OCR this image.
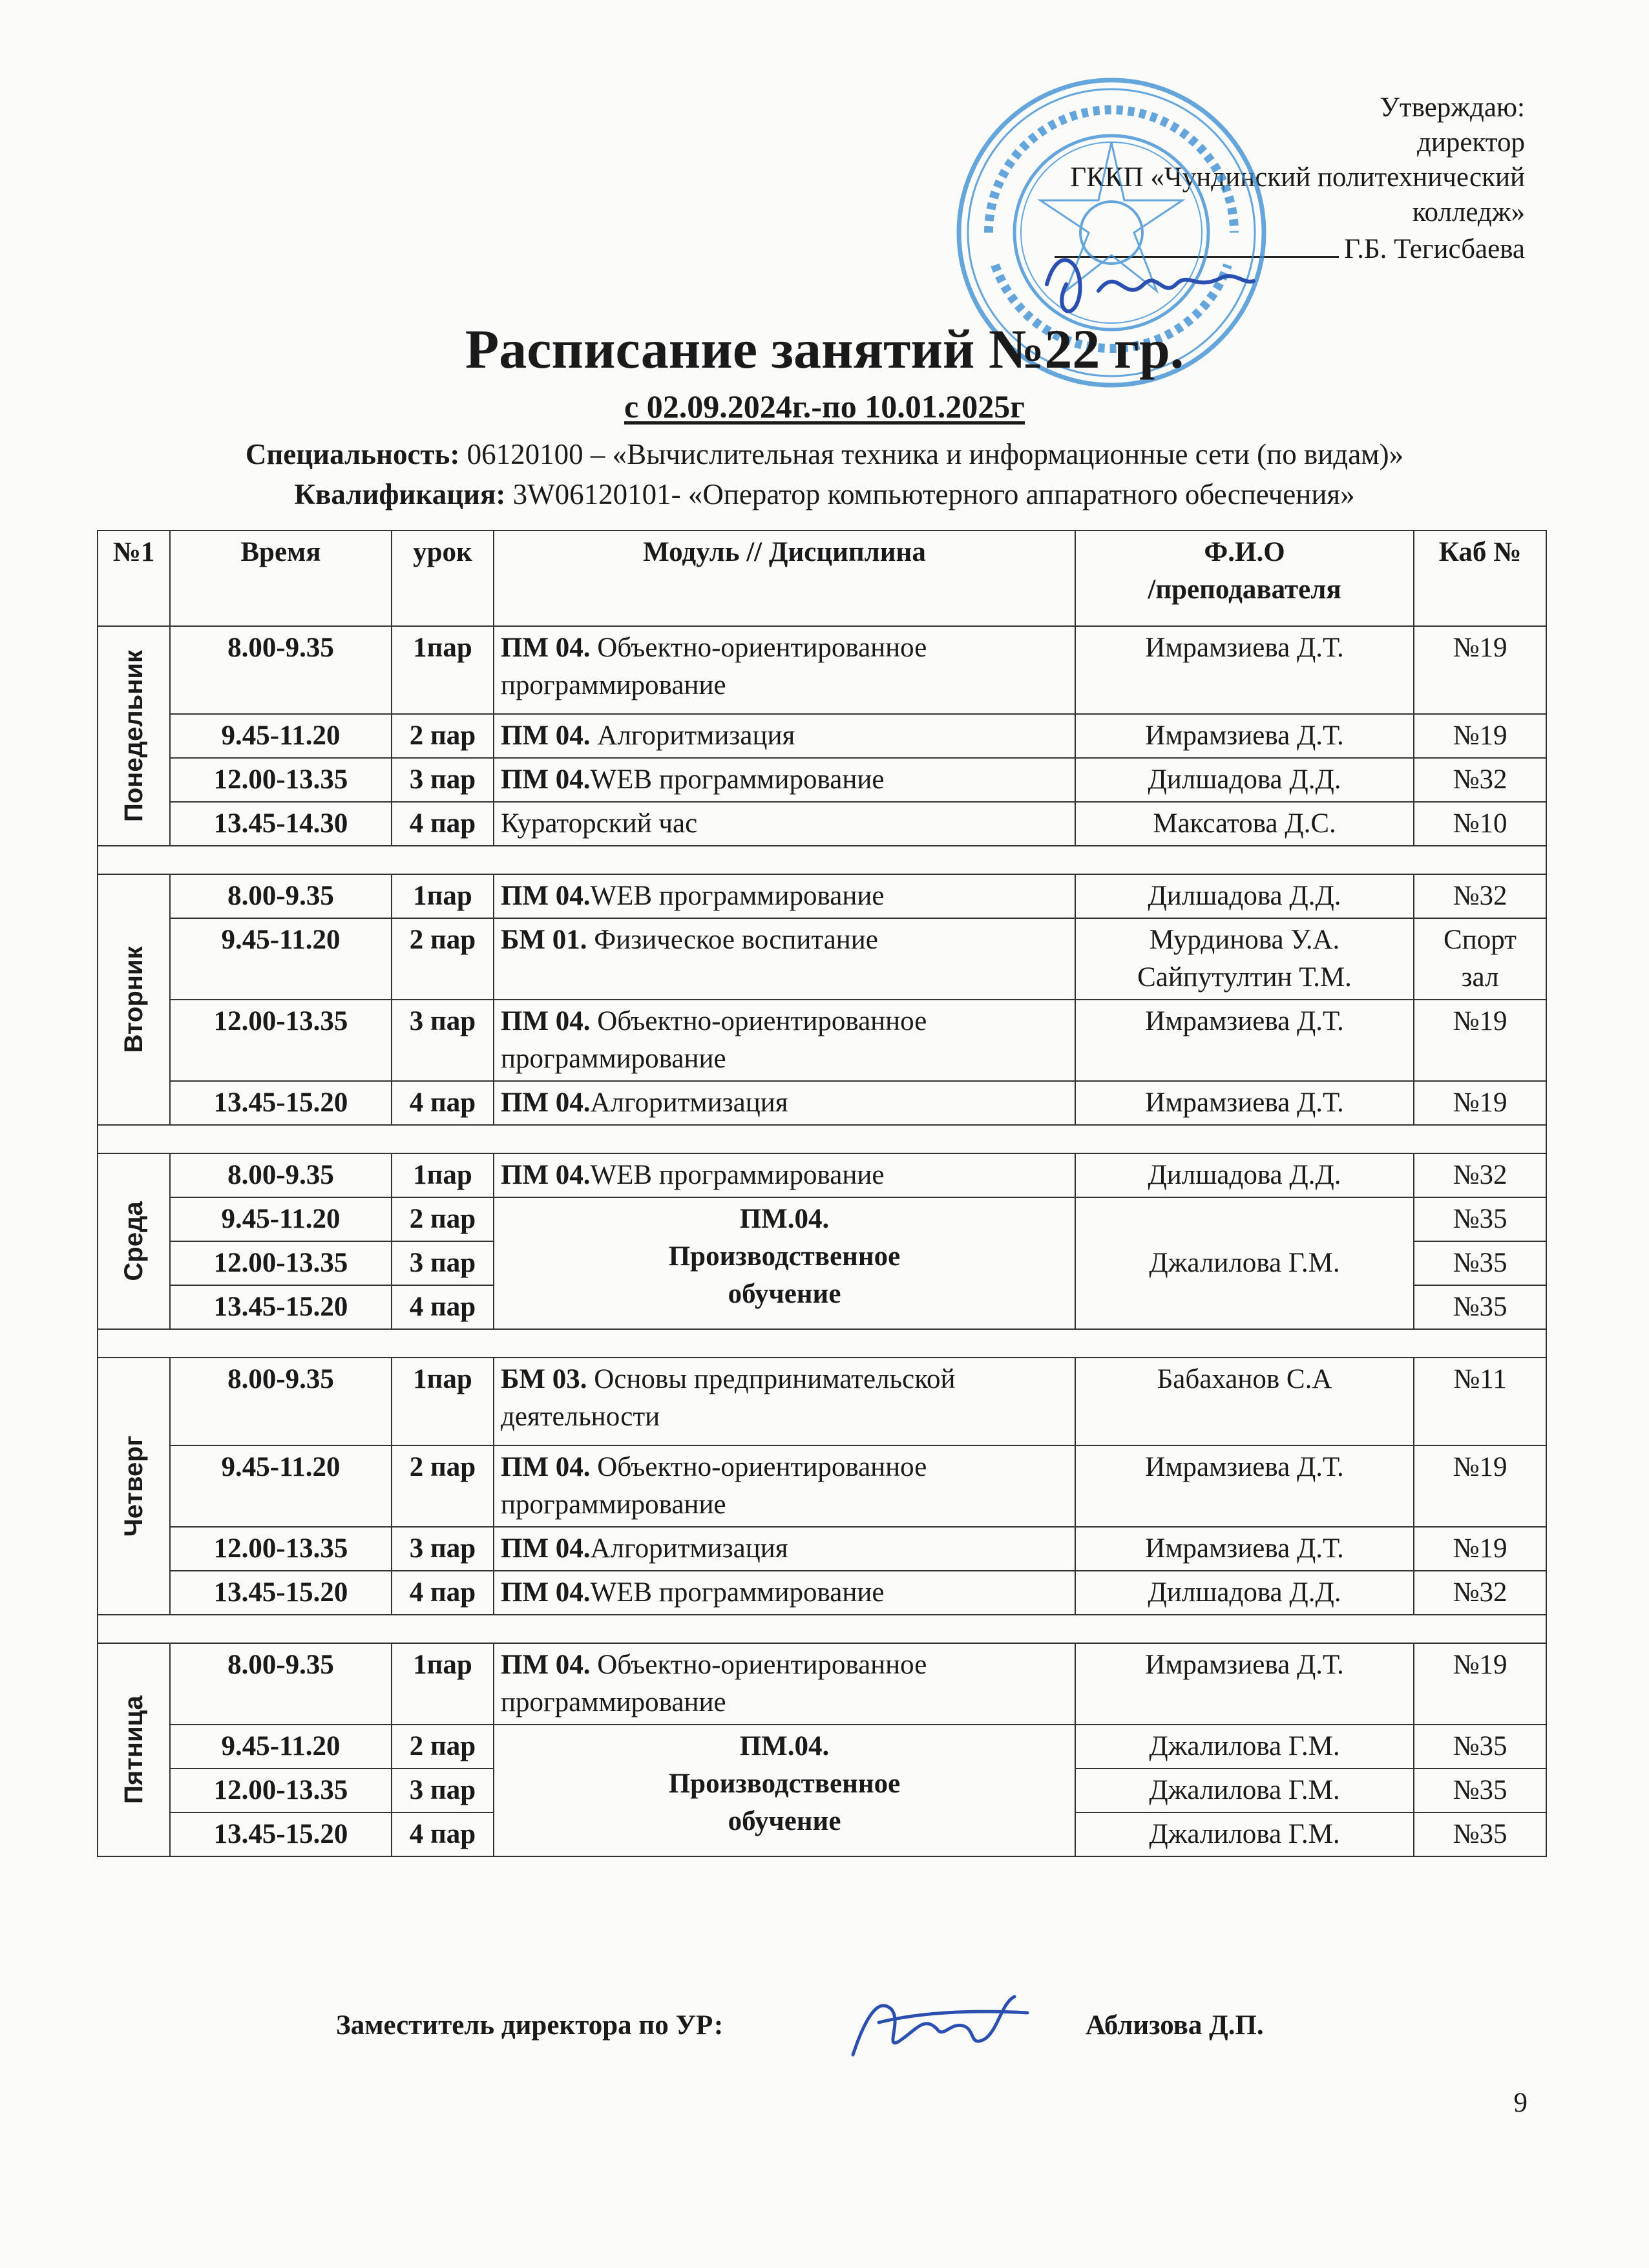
Утверждаю:
директор
ГККП «Чундинский политехнический
колледж»
Г.Б. Тегисбаева
Расписание занятий №22 гр.
с 02.09.2024г.-по 10.01.2025г
Специальность: 06120100 – «Вычислительная техника и информационные сети (по видам)»
Квалификация: 3W06120101- «Оператор компьютерного аппаратного обеспечения»
№1	Время	урок	Модуль // Дисциплина	Ф.И.О
/преподавателя	Каб №

Понедельник	8.00-9.35	1пар	ПМ 04. Объектно-ориентированное программирование	Имрамзиева Д.Т.	№19
	9.45-11.20	2 пар	ПМ 04. Алгоритмизация	Имрамзиева Д.Т.	№19
	12.00-13.35	3 пар	ПМ 04.WEB программирование	Дилшадова Д.Д.	№32
	13.45-14.30	4 пар	Кураторский час	Максатова Д.С.	№10

Вторник	8.00-9.35	1пар	ПМ 04.WEB программирование	Дилшадова Д.Д.	№32
	9.45-11.20	2 пар	БМ 01. Физическое воспитание	Мурдинова У.А.
Сайпутултин Т.М.	Спорт
зал
	12.00-13.35	3 пар	ПМ 04. Объектно-ориентированное программирование	Имрамзиева Д.Т.	№19
	13.45-15.20	4 пар	ПМ 04.Алгоритмизация	Имрамзиева Д.Т.	№19

Среда	8.00-9.35	1пар	ПМ 04.WEB программирование	Дилшадова Д.Д.	№32
	9.45-11.20	2 пар	ПМ.04.
Производственное
обучение	Джалилова Г.М.	№35
	12.00-13.35	3 пар			№35
	13.45-15.20	4 пар			№35

Четверг	8.00-9.35	1пар	БМ 03. Основы предпринимательской деятельности	Бабаханов С.А	№11
	9.45-11.20	2 пар	ПМ 04. Объектно-ориентированное программирование	Имрамзиева Д.Т.	№19
	12.00-13.35	3 пар	ПМ 04.Алгоритмизация	Имрамзиева Д.Т.	№19
	13.45-15.20	4 пар	ПМ 04.WEB программирование	Дилшадова Д.Д.	№32

Пятница	8.00-9.35	1пар	ПМ 04. Объектно-ориентированное программирование	Имрамзиева Д.Т.	№19
	9.45-11.20	2 пар	ПМ.04.
Производственное
обучение	Джалилова Г.М.	№35
	12.00-13.35	3 пар		Джалилова Г.М.	№35
	13.45-15.20	4 пар		Джалилова Г.М.	№35
Заместитель директора по УР:	Аблизова Д.П.
9
